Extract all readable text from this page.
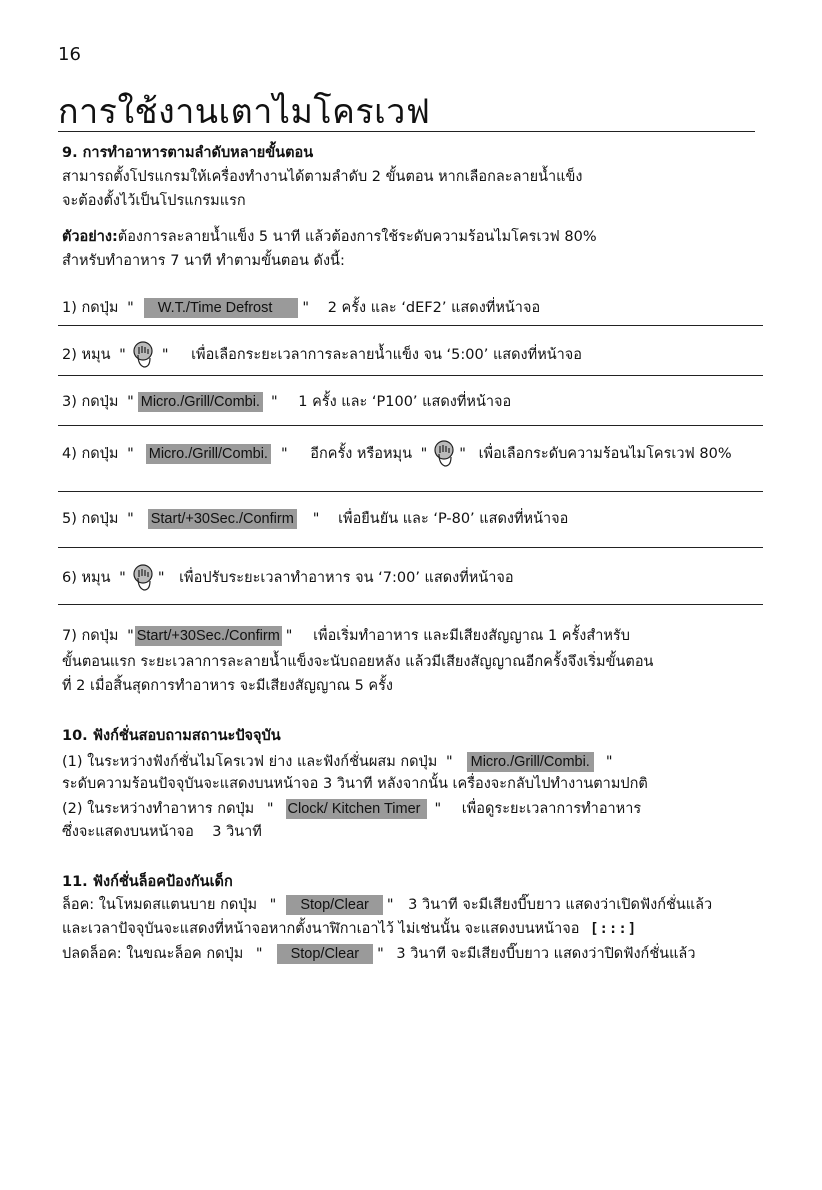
16
การใช้งานเตาไมโครเวฟ
9. การทำอาหารตามลำดับหลายขั้นตอน
สามารถตั้งโปรแกรมให้เครื่องทำงานได้ตามลำดับ 2 ขั้นตอน หากเลือกละลายน้ำแข็ง
จะต้องตั้งไว้เป็นโปรแกรมแรก
ตัวอย่าง:ต้องการละลายน้ำแข็ง 5 นาที แล้วต้องการใช้ระดับความร้อนไมโครเวฟ 80%
สำหรับทำอาหาร 7 นาที ทำตามขั้นตอน ดังนี้:
1) กดปุ่ม " W.T./Time Defrost " 2 ครั้ง และ ‘dEF2’ แสดงที่หน้าจอ
2) หมุน " " เพื่อเลือกระยะเวลาการละลายน้ำแข็ง จน ‘5:00’ แสดงที่หน้าจอ
3) กดปุ่ม " Micro./Grill/Combi. " 1 ครั้ง และ ‘P100’ แสดงที่หน้าจอ
4) กดปุ่ม " Micro./Grill/Combi. " อีกครั้ง หรือหมุน " " เพื่อเลือกระดับความร้อนไมโครเวฟ 80%
5) กดปุ่ม " Start/+30Sec./Confirm " เพื่อยืนยัน และ ‘P-80’ แสดงที่หน้าจอ
6) หมุน " " เพื่อปรับระยะเวลาทำอาหาร จน ‘7:00’ แสดงที่หน้าจอ
7) กดปุ่ม " Start/+30Sec./Confirm " เพื่อเริ่มทำอาหาร และมีเสียงสัญญาณ 1 ครั้งสำหรับ
ขั้นตอนแรก ระยะเวลาการละลายน้ำแข็งจะนับถอยหลัง แล้วมีเสียงสัญญาณอีกครั้งจึงเริ่มขั้นตอน
ที่ 2 เมื่อสิ้นสุดการทำอาหาร จะมีเสียงสัญญาณ 5 ครั้ง
10. ฟังก์ชั่นสอบถามสถานะปัจจุบัน
(1) ในระหว่างฟังก์ชั่นไมโครเวฟ ย่าง และฟังก์ชั่นผสม กดปุ่ม " Micro./Grill/Combi. "
ระดับความร้อนปัจจุบันจะแสดงบนหน้าจอ 3 วินาที หลังจากนั้น เครื่องจะกลับไปทำงานตามปกติ
(2) ในระหว่างทำอาหาร กดปุ่ม " Clock/ Kitchen Timer " เพื่อดูระยะเวลาการทำอาหาร
ซึ่งจะแสดงบนหน้าจอ    3 วินาที
11. ฟังก์ชั่นล็อคป้องกันเด็ก
ล็อค: ในโหมดสแตนบาย กดปุ่ม " Stop/Clear " 3 วินาที จะมีเสียงบี๊บยาว แสดงว่าเปิดฟังก์ชั่นแล้ว
และเวลาปัจจุบันจะแสดงที่หน้าจอหากตั้งนาฬิกาเอาไว้ ไม่เช่นนั้น จะแสดงบนหน้าจอ [:::]
ปลดล็อค: ในขณะล็อค กดปุ่ม " Stop/Clear " 3 วินาที จะมีเสียงบี๊บยาว แสดงว่าปิดฟังก์ชั่นแล้ว
